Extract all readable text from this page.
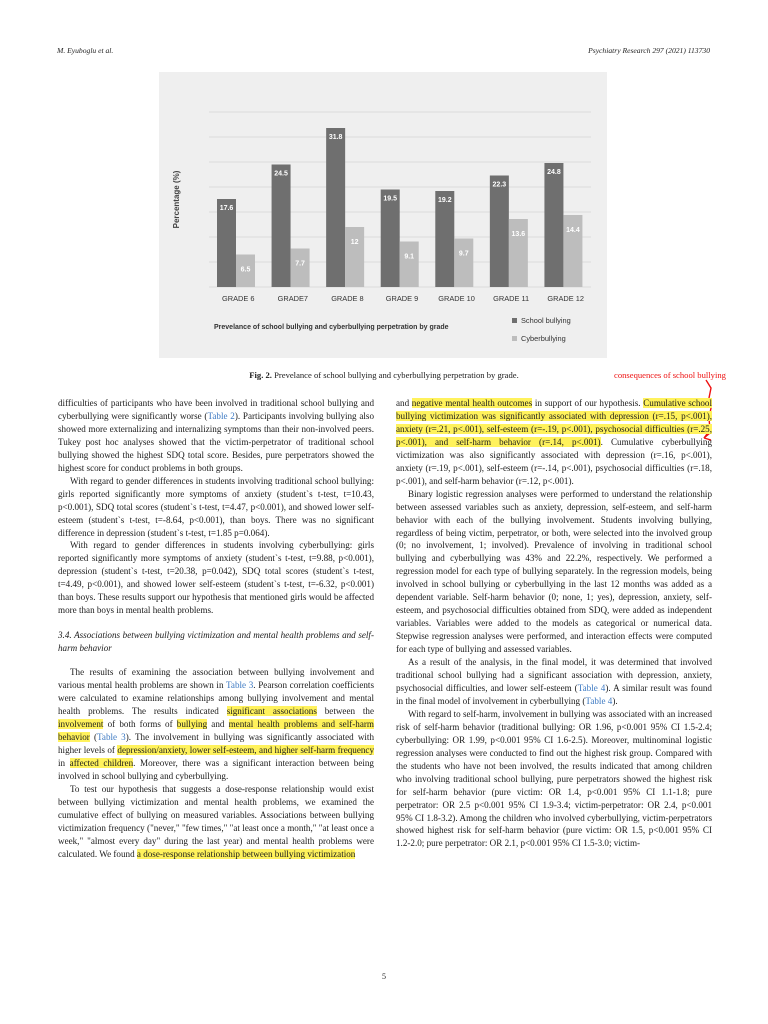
M. Eyuboglu et al.	Psychiatry Research 297 (2021) 113730
Percentage (%)	17.6
6.5
GRADE 6
24.5
7.7
GRADE7
31.8
12
GRADE 8
19.5
9.1
GRADE 9
19.2
9.7
GRADE 10
22.3
13.6
GRADE 11
24.8
14.4
GRADE 12
Prevelance of school bullying and cyberbullying perpetration by grade
School bullying
Cyberbullying
Fig. 2. Prevelance of school bullying and cyberbullying perpetration by grade.	consequences of school bullying

difficulties of participants who have been involved in traditional school bullying and cyberbullying were significantly worse (Table 2). Participants involving bullying also showed more externalizing and internalizing symptoms than their non-involved peers. Tukey post hoc analyses showed that the victim-perpetrator of traditional school bullying showed the highest SDQ total score. Besides, pure perpetrators showed the highest score for conduct problems in both groups.

With regard to gender differences in students involving traditional school bullying: girls reported significantly more symptoms of anxiety (student`s t-test, t=10.43, p<0.001), SDQ total scores (student`s t-test, t=4.47, p<0.001), and showed lower self-esteem (student`s t-test, t=-8.64, p<0.001), than boys. There was no significant difference in depression (student`s t-test, t=1.85 p=0.064).

With regard to gender differences in students involving cyberbullying: girls reported significantly more symptoms of anxiety (student`s t-test, t=9.88, p<0.001), depression (student`s t-test, t=20.38, p=0.042), SDQ total scores (student`s t-test, t=4.49, p<0.001), and showed lower self-esteem (student`s t-test, t=-6.32, p<0.001) than boys. These results support our hypothesis that mentioned girls would be affected more than boys in mental health problems.

3.4. Associations between bullying victimization and mental health problems and self-harm behavior

The results of examining the association between bullying involvement and various mental health problems are shown in Table 3. Pearson correlation coefficients were calculated to examine relationships among bullying involvement and mental health problems. The results indicated significant associations between the involvement of both forms of bullying and mental health problems and self-harm behavior (Table 3). The involvement in bullying was significantly associated with higher levels of depression/anxiety, lower self-esteem, and higher self-harm frequency in affected children. Moreover, there was a significant interaction between being involved in school bullying and cyberbullying.

To test our hypothesis that suggests a dose-response relationship would exist between bullying victimization and mental health problems, we examined the cumulative effect of bullying on measured variables. Associations between bullying victimization frequency ("never," "few times," "at least once a month," "at least once a week," "almost every day" during the last year) and mental health problems were calculated. We found a dose-response relationship between bullying victimization

and negative mental health outcomes in support of our hypothesis. Cumulative school bullying victimization was significantly associated with depression (r=.15, p<.001), anxiety (r=.21, p<.001), self-esteem (r=-.19, p<.001), psychosocial difficulties (r=.25, p<.001), and self-harm behavior (r=.14, p<.001). Cumulative cyberbullying victimization was also significantly associated with depression (r=.16, p<.001), anxiety (r=.19, p<.001), self-esteem (r=-.14, p<.001), psychosocial difficulties (r=.18, p<.001), and self-harm behavior (r=.12, p<.001).

Binary logistic regression analyses were performed to understand the relationship between assessed variables such as anxiety, depression, self-esteem, and self-harm behavior with each of the bullying involvement. Students involving bullying, regardless of being victim, perpetrator, or both, were selected into the involved group (0; no involvement, 1; involved). Prevalence of involving in traditional school bullying and cyberbullying was 43% and 22.2%, respectively. We performed a regression model for each type of bullying separately. In the regression models, being involved in school bullying or cyberbullying in the last 12 months was added as a dependent variable. Self-harm behavior (0; none, 1; yes), depression, anxiety, self-esteem, and psychosocial difficulties obtained from SDQ, were added as independent variables. Variables were added to the models as categorical or numerical data. Stepwise regression analyses were performed, and interaction effects were computed for each type of bullying and assessed variables.

As a result of the analysis, in the final model, it was determined that involved traditional school bullying had a significant association with depression, anxiety, psychosocial difficulties, and lower self-esteem (Table 4). A similar result was found in the final model of involvement in cyberbullying (Table 4).

With regard to self-harm, involvement in bullying was associated with an increased risk of self-harm behavior (traditional bullying: OR 1.96, p<0.001 95% CI 1.5-2.4; cyberbullying: OR 1.99, p<0.001 95% CI 1.6-2.5). Moreover, multinominal logistic regression analyses were conducted to find out the highest risk group. Compared with the students who have not been involved, the results indicated that among children who involving traditional school bullying, pure perpetrators showed the highest risk for self-harm behavior (pure victim: OR 1.4, p<0.001 95% CI 1.1-1.8; pure perpetrator: OR 2.5 p<0.001 95% CI 1.9-3.4; victim-perpetrator: OR 2.4, p<0.001 95% CI 1.8-3.2). Among the children who involved cyberbullying, victim-perpetrators showed highest risk for self-harm behavior (pure victim: OR 1.5, p<0.001 95% CI 1.2-2.0; pure perpetrator: OR 2.1, p<0.001 95% CI 1.5-3.0; victim-

5
